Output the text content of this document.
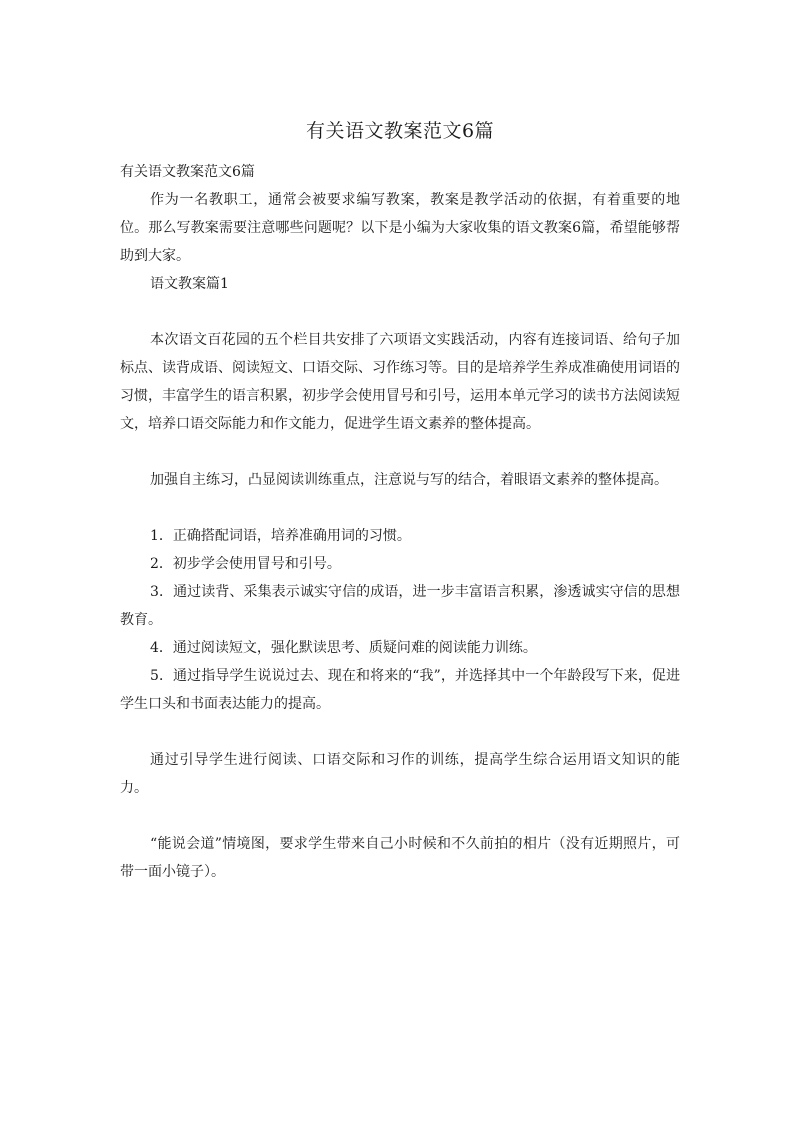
有关语文教案范文6篇

有关语文教案范文6篇

作为一名教职工，通常会被要求编写教案，教案是教学活动的依据，有着重要的地位。那么写教案需要注意哪些问题呢？以下是小编为大家收集的语文教案6篇，希望能够帮助到大家。

语文教案篇1

本次语文百花园的五个栏目共安排了六项语文实践活动，内容有连接词语、给句子加标点、读背成语、阅读短文、口语交际、习作练习等。目的是培养学生养成准确使用词语的习惯，丰富学生的语言积累，初步学会使用冒号和引号，运用本单元学习的读书方法阅读短文，培养口语交际能力和作文能力，促进学生语文素养的整体提高。

加强自主练习，凸显阅读训练重点，注意说与写的结合，着眼语文素养的整体提高。

1．正确搭配词语，培养准确用词的习惯。

2．初步学会使用冒号和引号。

3．通过读背、采集表示诚实守信的成语，进一步丰富语言积累，渗透诚实守信的思想教育。

4．通过阅读短文，强化默读思考、质疑问难的阅读能力训练。

5．通过指导学生说说过去、现在和将来的“我”，并选择其中一个年龄段写下来，促进学生口头和书面表达能力的提高。

通过引导学生进行阅读、口语交际和习作的训练，提高学生综合运用语文知识的能力。

“能说会道”情境图，要求学生带来自己小时候和不久前拍的相片（没有近期照片，可带一面小镜子）。
